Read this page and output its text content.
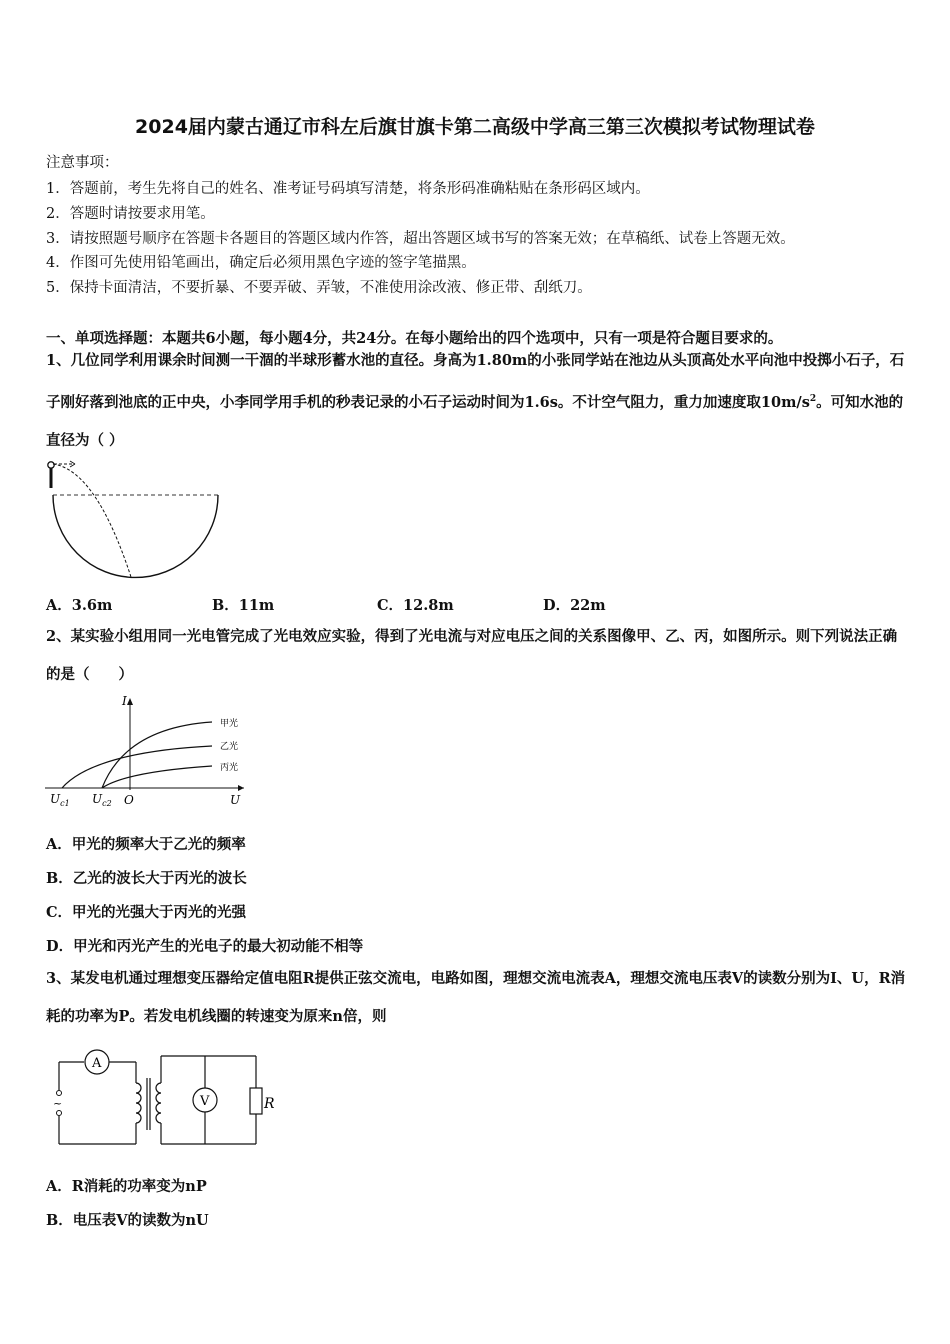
2024届内蒙古通辽市科左后旗甘旗卡第二高级中学高三第三次模拟考试物理试卷
注意事项：
1．答题前，考生先将自己的姓名、准考证号码填写清楚，将条形码准确粘贴在条形码区域内。
2．答题时请按要求用笔。
3．请按照题号顺序在答题卡各题目的答题区域内作答，超出答题区域书写的答案无效；在草稿纸、试卷上答题无效。
4．作图可先使用铅笔画出，确定后必须用黑色字迹的签字笔描黑。
5．保持卡面清洁，不要折暴、不要弄破、弄皱，不准使用涂改液、修正带、刮纸刀。
一、单项选择题：本题共6小题，每小题4分，共24分。在每小题给出的四个选项中，只有一项是符合题目要求的。
1、几位同学利用课余时间测一干涸的半球形蓄水池的直径。身高为1.80m的小张同学站在池边从头顶高处水平向池中投掷小石子，石子刚好落到池底的正中央，小李同学用手机的秒表记录的小石子运动时间为1.6s。不计空气阻力，重力加速度取$10m/s^2$。可知水池的直径为（ ）
A．3.6m	B．11m	C．12.8m	D．22m
2、某实验小组用同一光电管完成了光电效应实验，得到了光电流与对应电压之间的关系图像甲、乙、丙，如图所示。则下列说法正确的是（　　）
I
U
O
$U_{c1}$ $U_{c2}$
甲光
乙光
丙光
A．甲光的频率大于乙光的频率
B．乙光的波长大于丙光的波长
C．甲光的光强大于丙光的光强
D．甲光和丙光产生的光电子的最大初动能不相等
3、某发电机通过理想变压器给定值电阻R提供正弦交流电，电路如图，理想交流电流表A，理想交流电压表V的读数分别为I、U，R消耗的功率为P。若发电机线圈的转速变为原来n倍，则
A
~	V	R
A．R消耗的功率变为nP
B．电压表V的读数为nU
